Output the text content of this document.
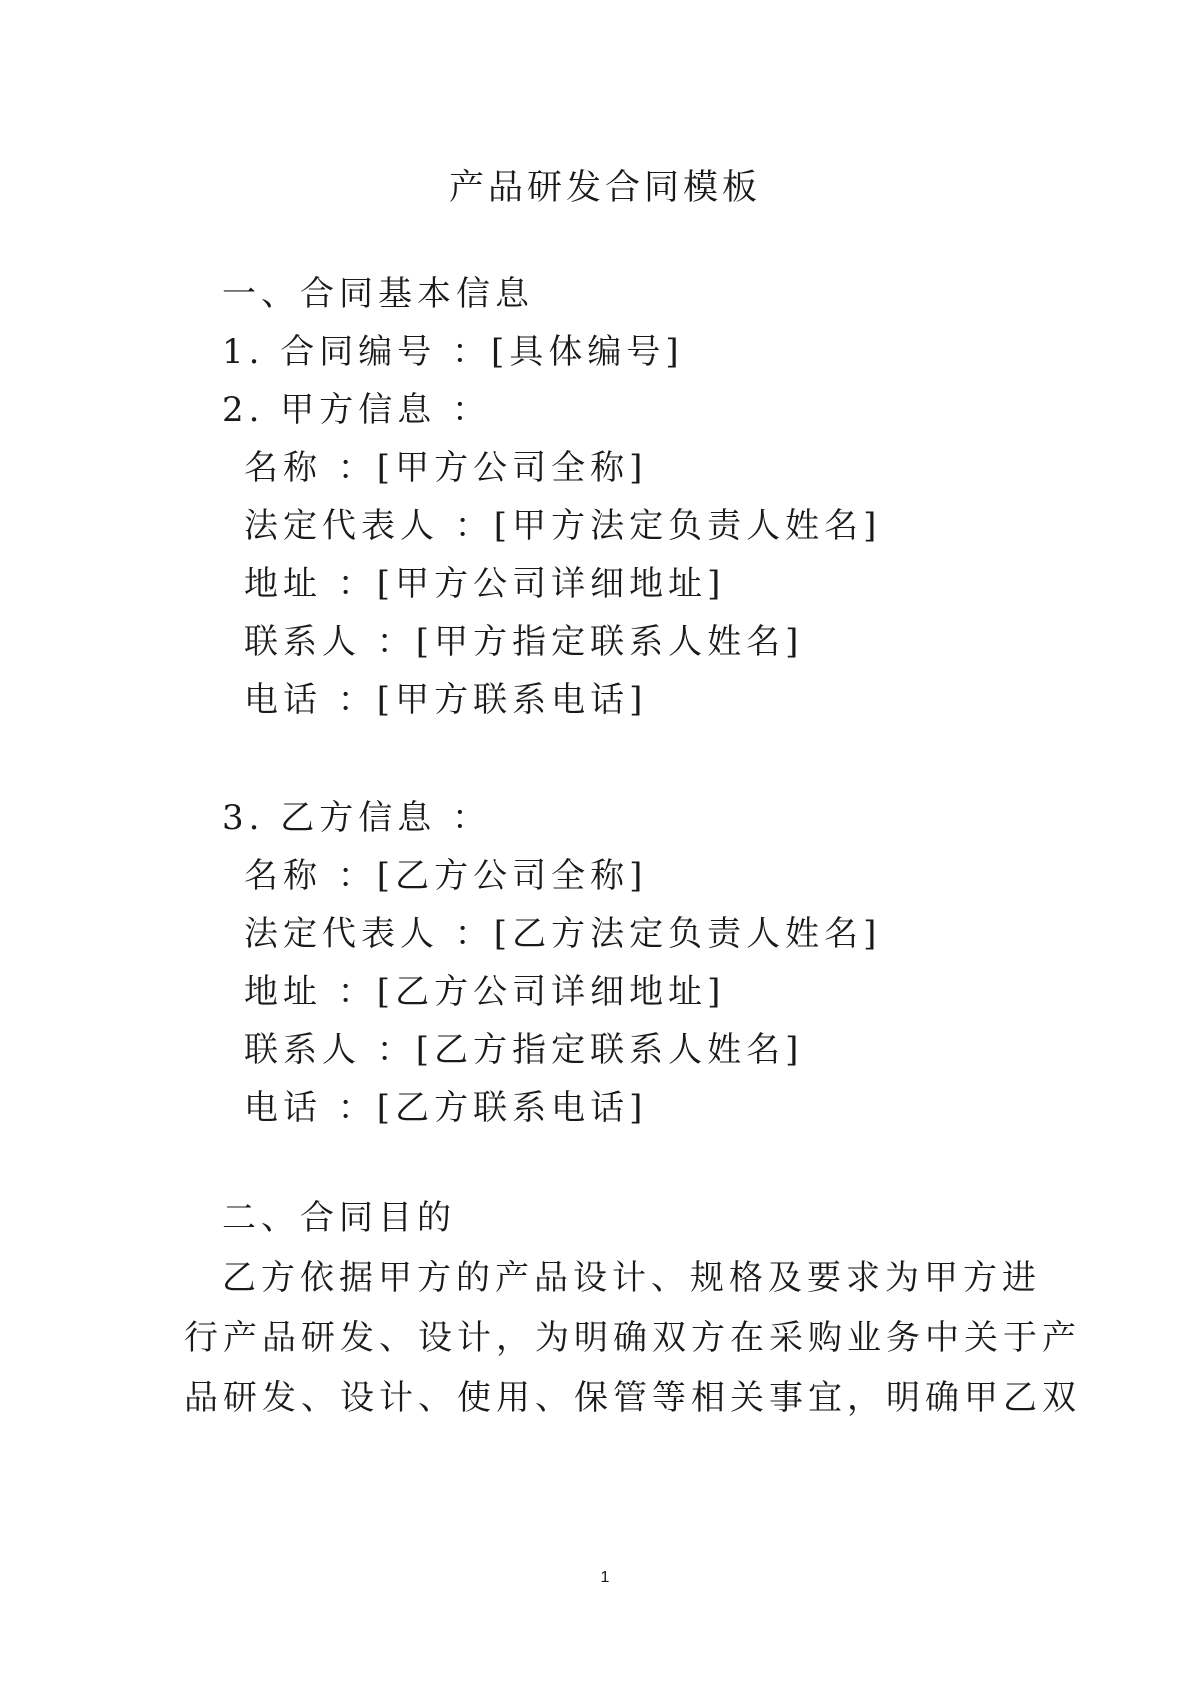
产品研发合同模板
一、合同基本信息
1. 合同编号 ：[具体编号]
2. 甲方信息 ：
名称 ：[甲方公司全称]
法定代表人 ：[甲方法定负责人姓名]
地址 ：[甲方公司详细地址]
联系人 ：[甲方指定联系人姓名]
电话 ：[甲方联系电话]
3. 乙方信息 ：
名称 ：[乙方公司全称]
法定代表人 ：[乙方法定负责人姓名]
地址 ：[乙方公司详细地址]
联系人 ：[乙方指定联系人姓名]
电话 ：[乙方联系电话]
二、合同目的
乙方依据甲方的产品设计、规格及要求为甲方进
行产品研发、设计，为明确双方在采购业务中关于产
品研发、设计、使用、保管等相关事宜，明确甲乙双
1
